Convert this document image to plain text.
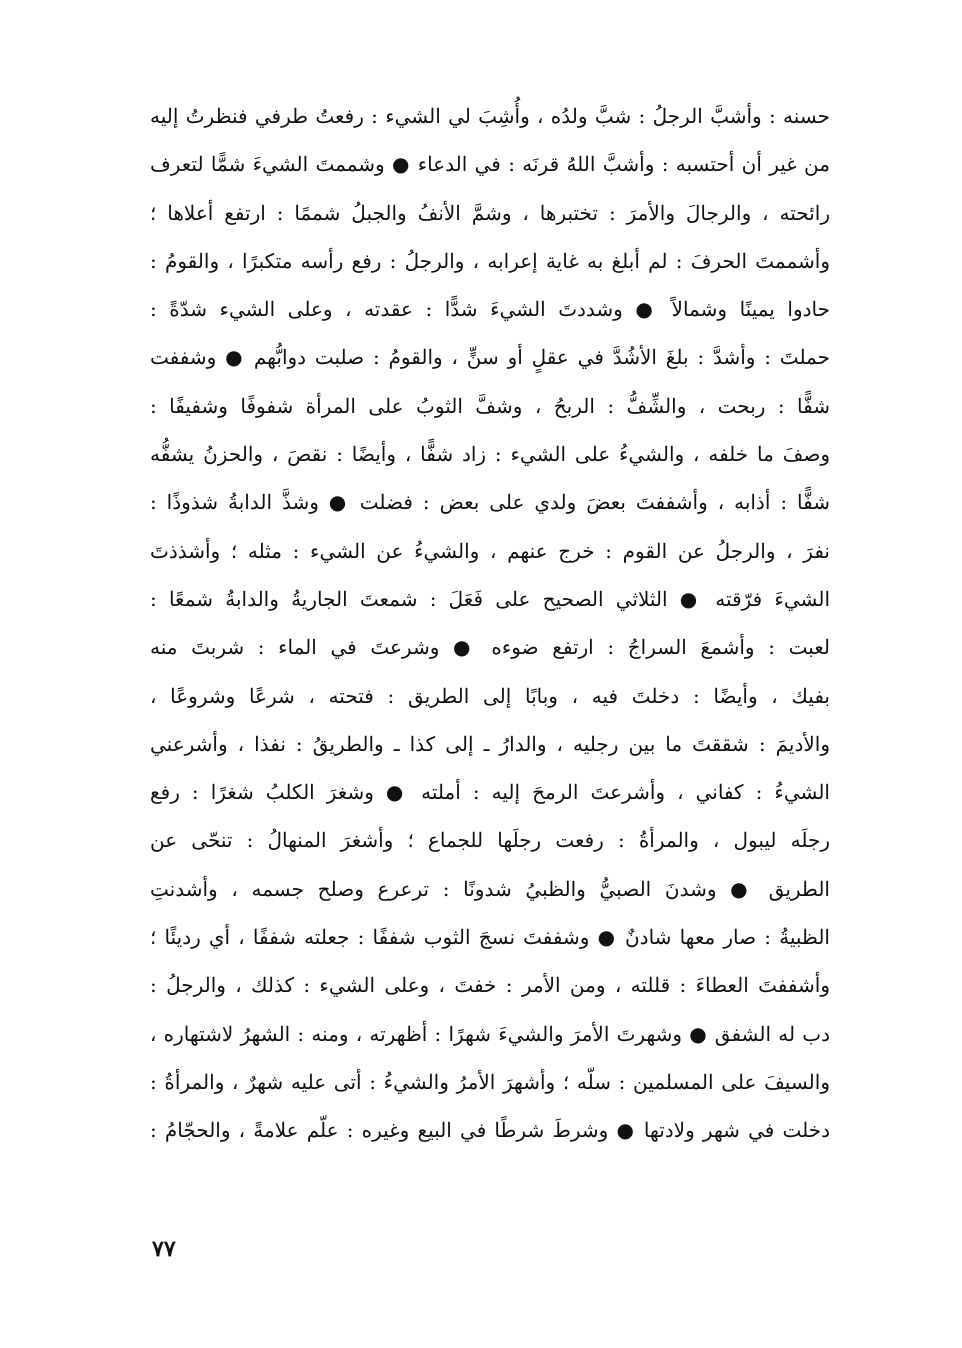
حسنه : وأشبَّ الرجلُ : شبَّ ولدُه ، وأُشِبَ لي الشيء : رفعتُ طرفي فنظرتُ إليه
من غير أن أحتسبه : وأشبَّ اللهُ قرنَه : في الدعاء ● وشممتَ الشيءَ شمًّا لتعرف
رائحته ، والرجالَ والأمرَ : تختبرها ، وشمَّ الأنفُ والجبلُ شممًا : ارتفع أعلاها ؛
وأشممتَ الحرفَ : لم أبلغ به غاية إعرابه ، والرجلُ : رفع رأسه متكبرًا ، والقومُ :
حادوا يمينًا وشمالاً ● وشددتَ الشيءَ شدًّا : عقدته ، وعلى الشيء شدّةً :
حملتَ : وأشدَّ : بلغَ الأشُدَّ في عقلٍ أو سنٍّ ، والقومُ : صلبت دوابُّهم ● وشففت
شفًّا : ربحت ، والشِّفُّ : الربحُ ، وشفَّ الثوبُ على المرأة شفوفًا وشفيفًا :
وصفَ ما خلفه ، والشيءُ على الشيء : زاد شفًّا ، وأيضًا : نقصَ ، والحزنُ يشفُّه
شفًّا : أذابه ، وأشففتَ بعضَ ولدي على بعض : فضلت ● وشذَّ الدابةُ شذوذًا :
نفرَ ، والرجلُ عن القوم : خرج عنهم ، والشيءُ عن الشيء : مثله ؛ وأشذذتَ
الشيءَ فرّقته ● الثلاثي الصحيح على فَعَلَ : شمعتَ الجاريةُ والدابةُ شمعًا :
لعبت : وأشمعَ السراجُ : ارتفع ضوءه ● وشرعتَ في الماء : شربتَ منه
بفيك ، وأيضًا : دخلتَ فيه ، وبابًا إلى الطريق : فتحته ، شرعًا وشروعًا ،
والأديمَ : شققتَ ما بين رجليه ، والدارُ ـ إلى كذا ـ والطريقُ : نفذا ، وأشرعني
الشيءُ : كفاني ، وأشرعتَ الرمحَ إليه : أملته ● وشغرَ الكلبُ شغرًا : رفع
رجلَه ليبول ، والمرأةُ : رفعت رجلَها للجماع ؛ وأشغرَ المنهالُ : تنحّى عن
الطريق ● وشدنَ الصبيُّ والظبيُ شدونًا : ترعرع وصلح جسمه ، وأشدنتِ
الظبيةُ : صار معها شادنٌ ● وشففتَ نسجَ الثوب شففًا : جعلته شففًا ، أي رديئًا ؛
وأشففتَ العطاءَ : قللته ، ومن الأمر : خفتَ ، وعلى الشيء : كذلك ، والرجلُ :
دب له الشفق ● وشهرتَ الأمرَ والشيءَ شهرًا : أظهرته ، ومنه : الشهرُ لاشتهاره ،
والسيفَ على المسلمين : سلّه ؛ وأشهرَ الأمرُ والشيءُ : أتى عليه شهرٌ ، والمرأةُ :
دخلت في شهر ولادتها ● وشرطَ شرطًا في البيع وغيره : علّم علامةً ، والحجّامُ :
٧٧
